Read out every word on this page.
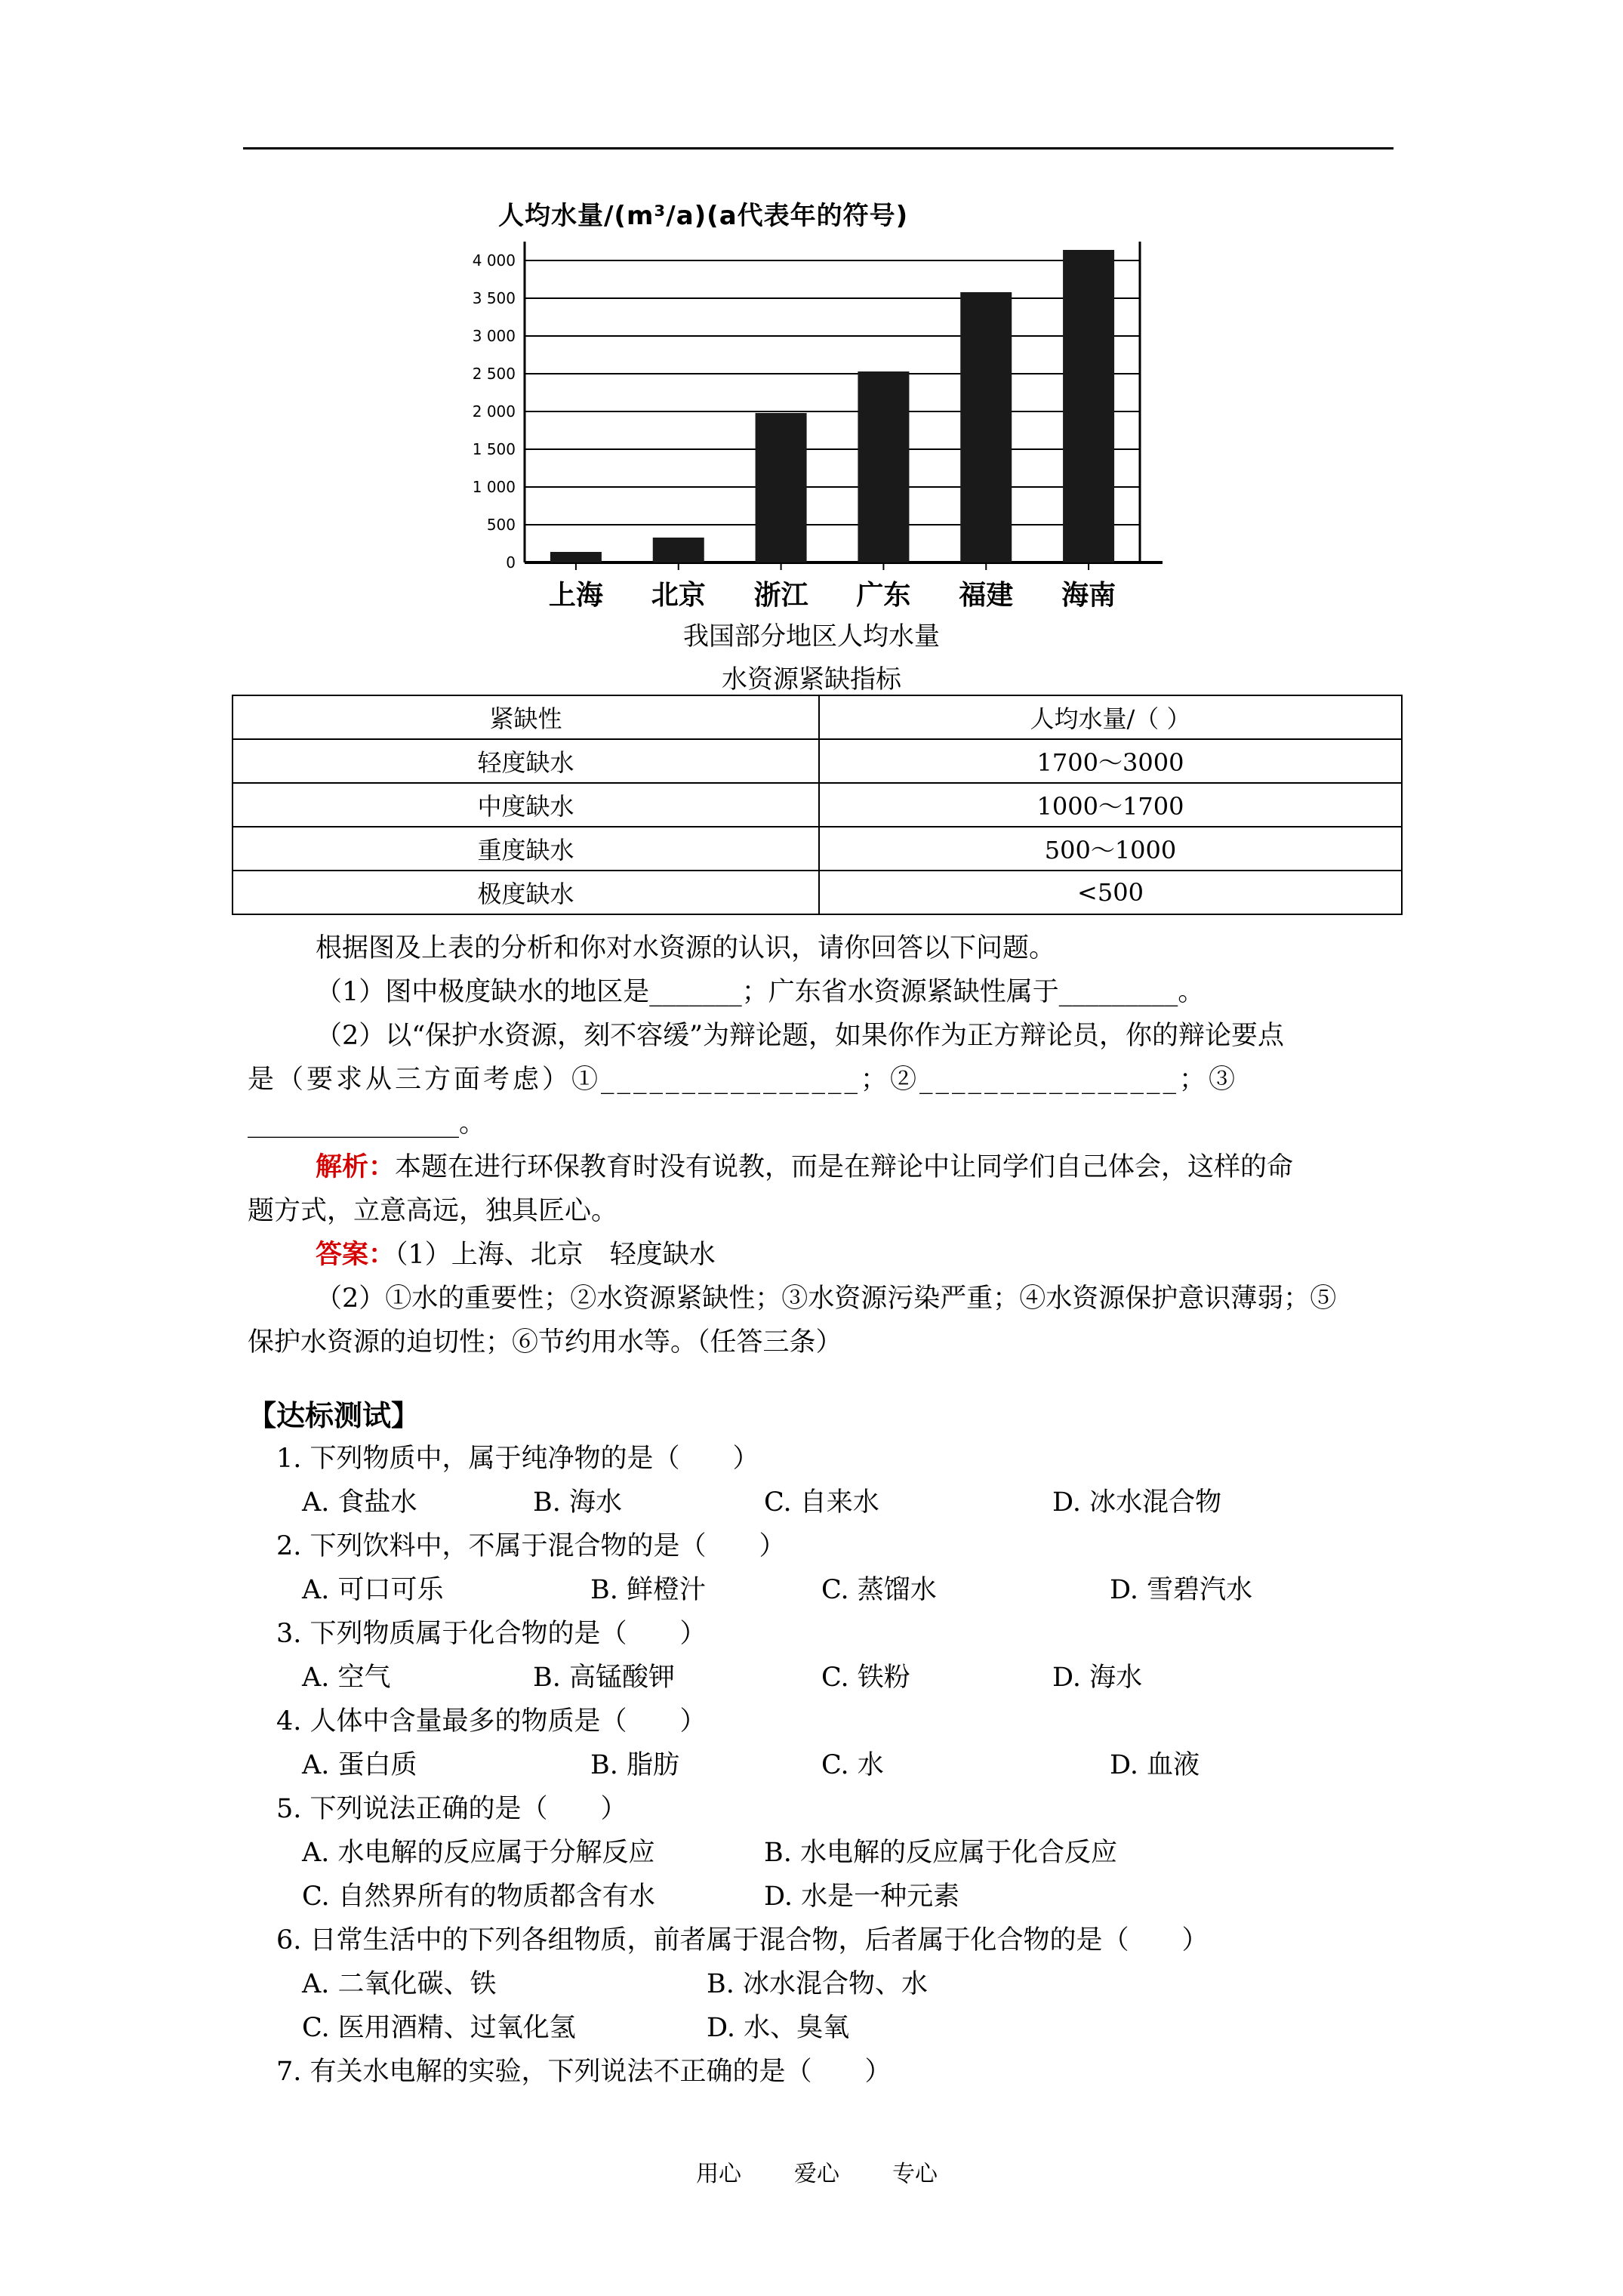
人均水量/(m³/a)(a代表年的符号)
0
500
1 000
1 500
2 000
2 500
3 000
3 500
4 000
上海 北京 浙江 广东 福建 海南
我国部分地区人均水量
水资源紧缺指标
紧缺性	人均水量/（ ）
轻度缺水	1700～3000
中度缺水	1000～1700
重度缺水	500～1000
极度缺水	<500
根据图及上表的分析和你对水资源的认识，请你回答以下问题。
（1）图中极度缺水的地区是_______；广东省水资源紧缺性属于_________。
（2）以“保护水资源，刻不容缓”为辩论题，如果你作为正方辩论员，你的辩论要点
是（要求从三方面考虑）①________________；②________________；③
________________。
解析：本题在进行环保教育时没有说教，而是在辩论中让同学们自己体会，这样的命
题方式，立意高远，独具匠心。
答案：（1）上海、北京　轻度缺水
（2）①水的重要性；②水资源紧缺性；③水资源污染严重；④水资源保护意识薄弱；⑤
保护水资源的迫切性；⑥节约用水等。（任答三条）
【达标测试】
1. 下列物质中，属于纯净物的是（　　）
A. 食盐水	B. 海水	C. 自来水	D. 冰水混合物
2. 下列饮料中，不属于混合物的是（　　）
A. 可口可乐	B. 鲜橙汁	C. 蒸馏水	D. 雪碧汽水
3. 下列物质属于化合物的是（　　）
A. 空气	B. 高锰酸钾	C. 铁粉	D. 海水
4. 人体中含量最多的物质是（　　）
A. 蛋白质	B. 脂肪	C. 水	D. 血液
5. 下列说法正确的是（　　）
A. 水电解的反应属于分解反应	B. 水电解的反应属于化合反应
C. 自然界所有的物质都含有水	D. 水是一种元素
6. 日常生活中的下列各组物质，前者属于混合物，后者属于化合物的是（　　）
A. 二氧化碳、铁	B. 冰水混合物、水
C. 医用酒精、过氧化氢	D. 水、臭氧
7. 有关水电解的实验，下列说法不正确的是（　　）
用心 爱心 专心
